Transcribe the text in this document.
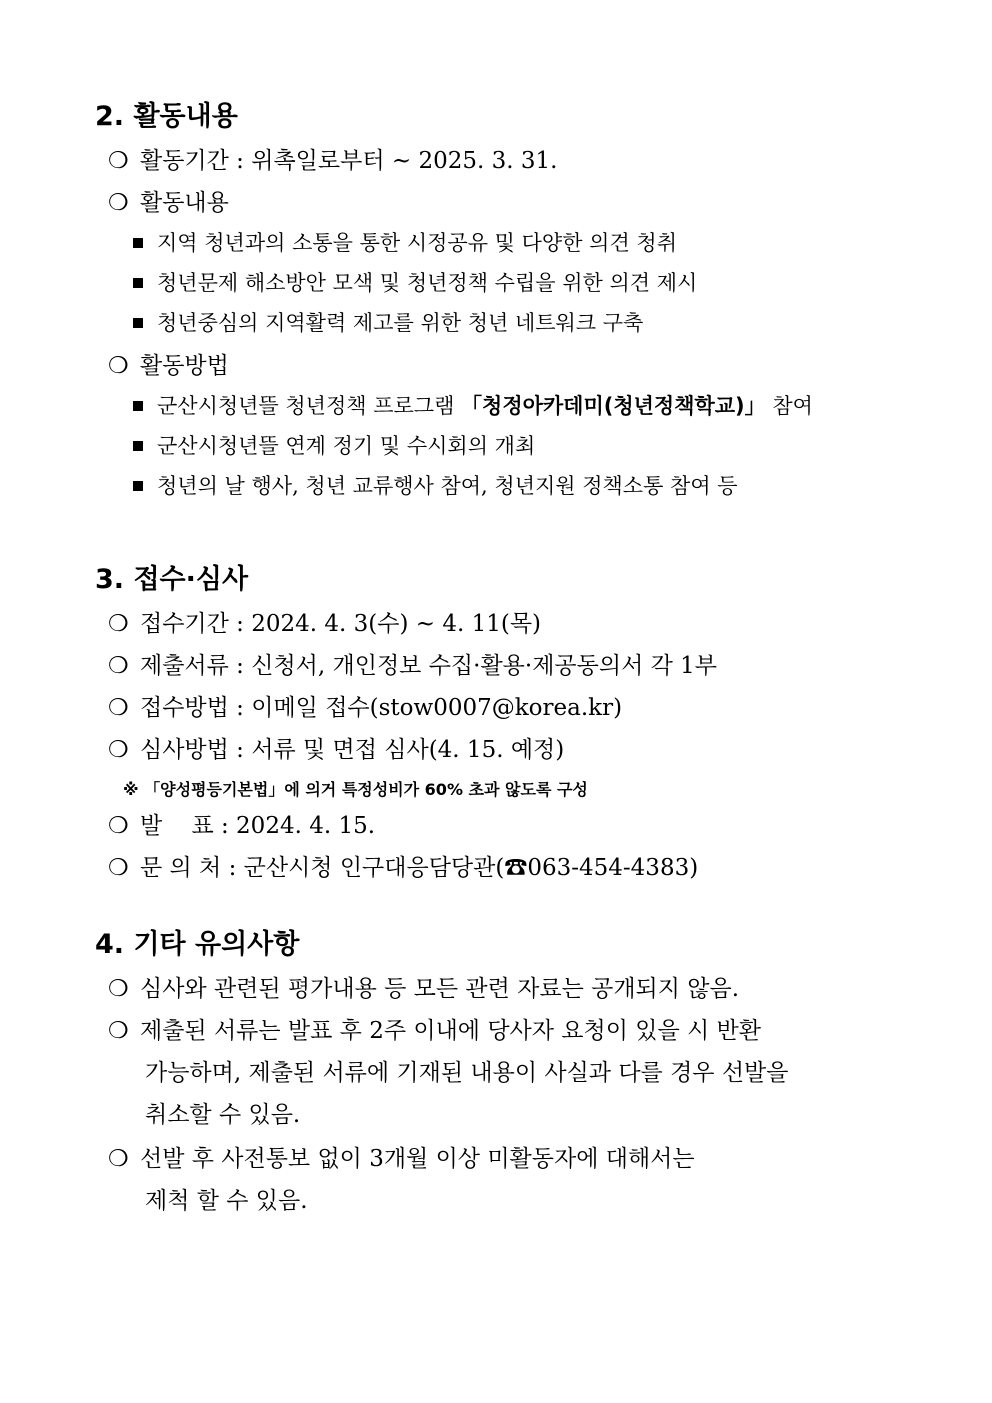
2. 활동내용
❍ 활동기간 : 위촉일로부터 ~ 2025. 3. 31.
❍ 활동내용
지역 청년과의 소통을 통한 시정공유 및 다양한 의견 청취
청년문제 해소방안 모색 및 청년정책 수립을 위한 의견 제시
청년중심의 지역활력 제고를 위한 청년 네트워크 구축
❍ 활동방법
군산시청년뜰 청년정책 프로그램 「청정아카데미(청년정책학교)」 참여
군산시청년뜰 연계 정기 및 수시회의 개최
청년의 날 행사, 청년 교류행사 참여, 청년지원 정책소통 참여 등
3. 접수·심사
❍ 접수기간 : 2024. 4. 3(수) ~ 4. 11(목)
❍ 제출서류 : 신청서, 개인정보 수집·활용·제공동의서 각 1부
❍ 접수방법 : 이메일 접수(stow0007@korea.kr)
❍ 심사방법 : 서류 및 면접 심사(4. 15. 예정)
※ 「양성평등기본법」에 의거 특정성비가 60% 초과 않도록 구성
❍ 발    표 : 2024. 4. 15.
❍ 문 의 처 : 군산시청 인구대응담당관(☎063-454-4383)
4. 기타 유의사항
❍ 심사와 관련된 평가내용 등 모든 관련 자료는 공개되지 않음.
❍ 제출된 서류는 발표 후 2주 이내에 당사자 요청이 있을 시 반환
가능하며, 제출된 서류에 기재된 내용이 사실과 다를 경우 선발을
취소할 수 있음.
❍ 선발 후 사전통보 없이 3개월 이상 미활동자에 대해서는
제척 할 수 있음.
